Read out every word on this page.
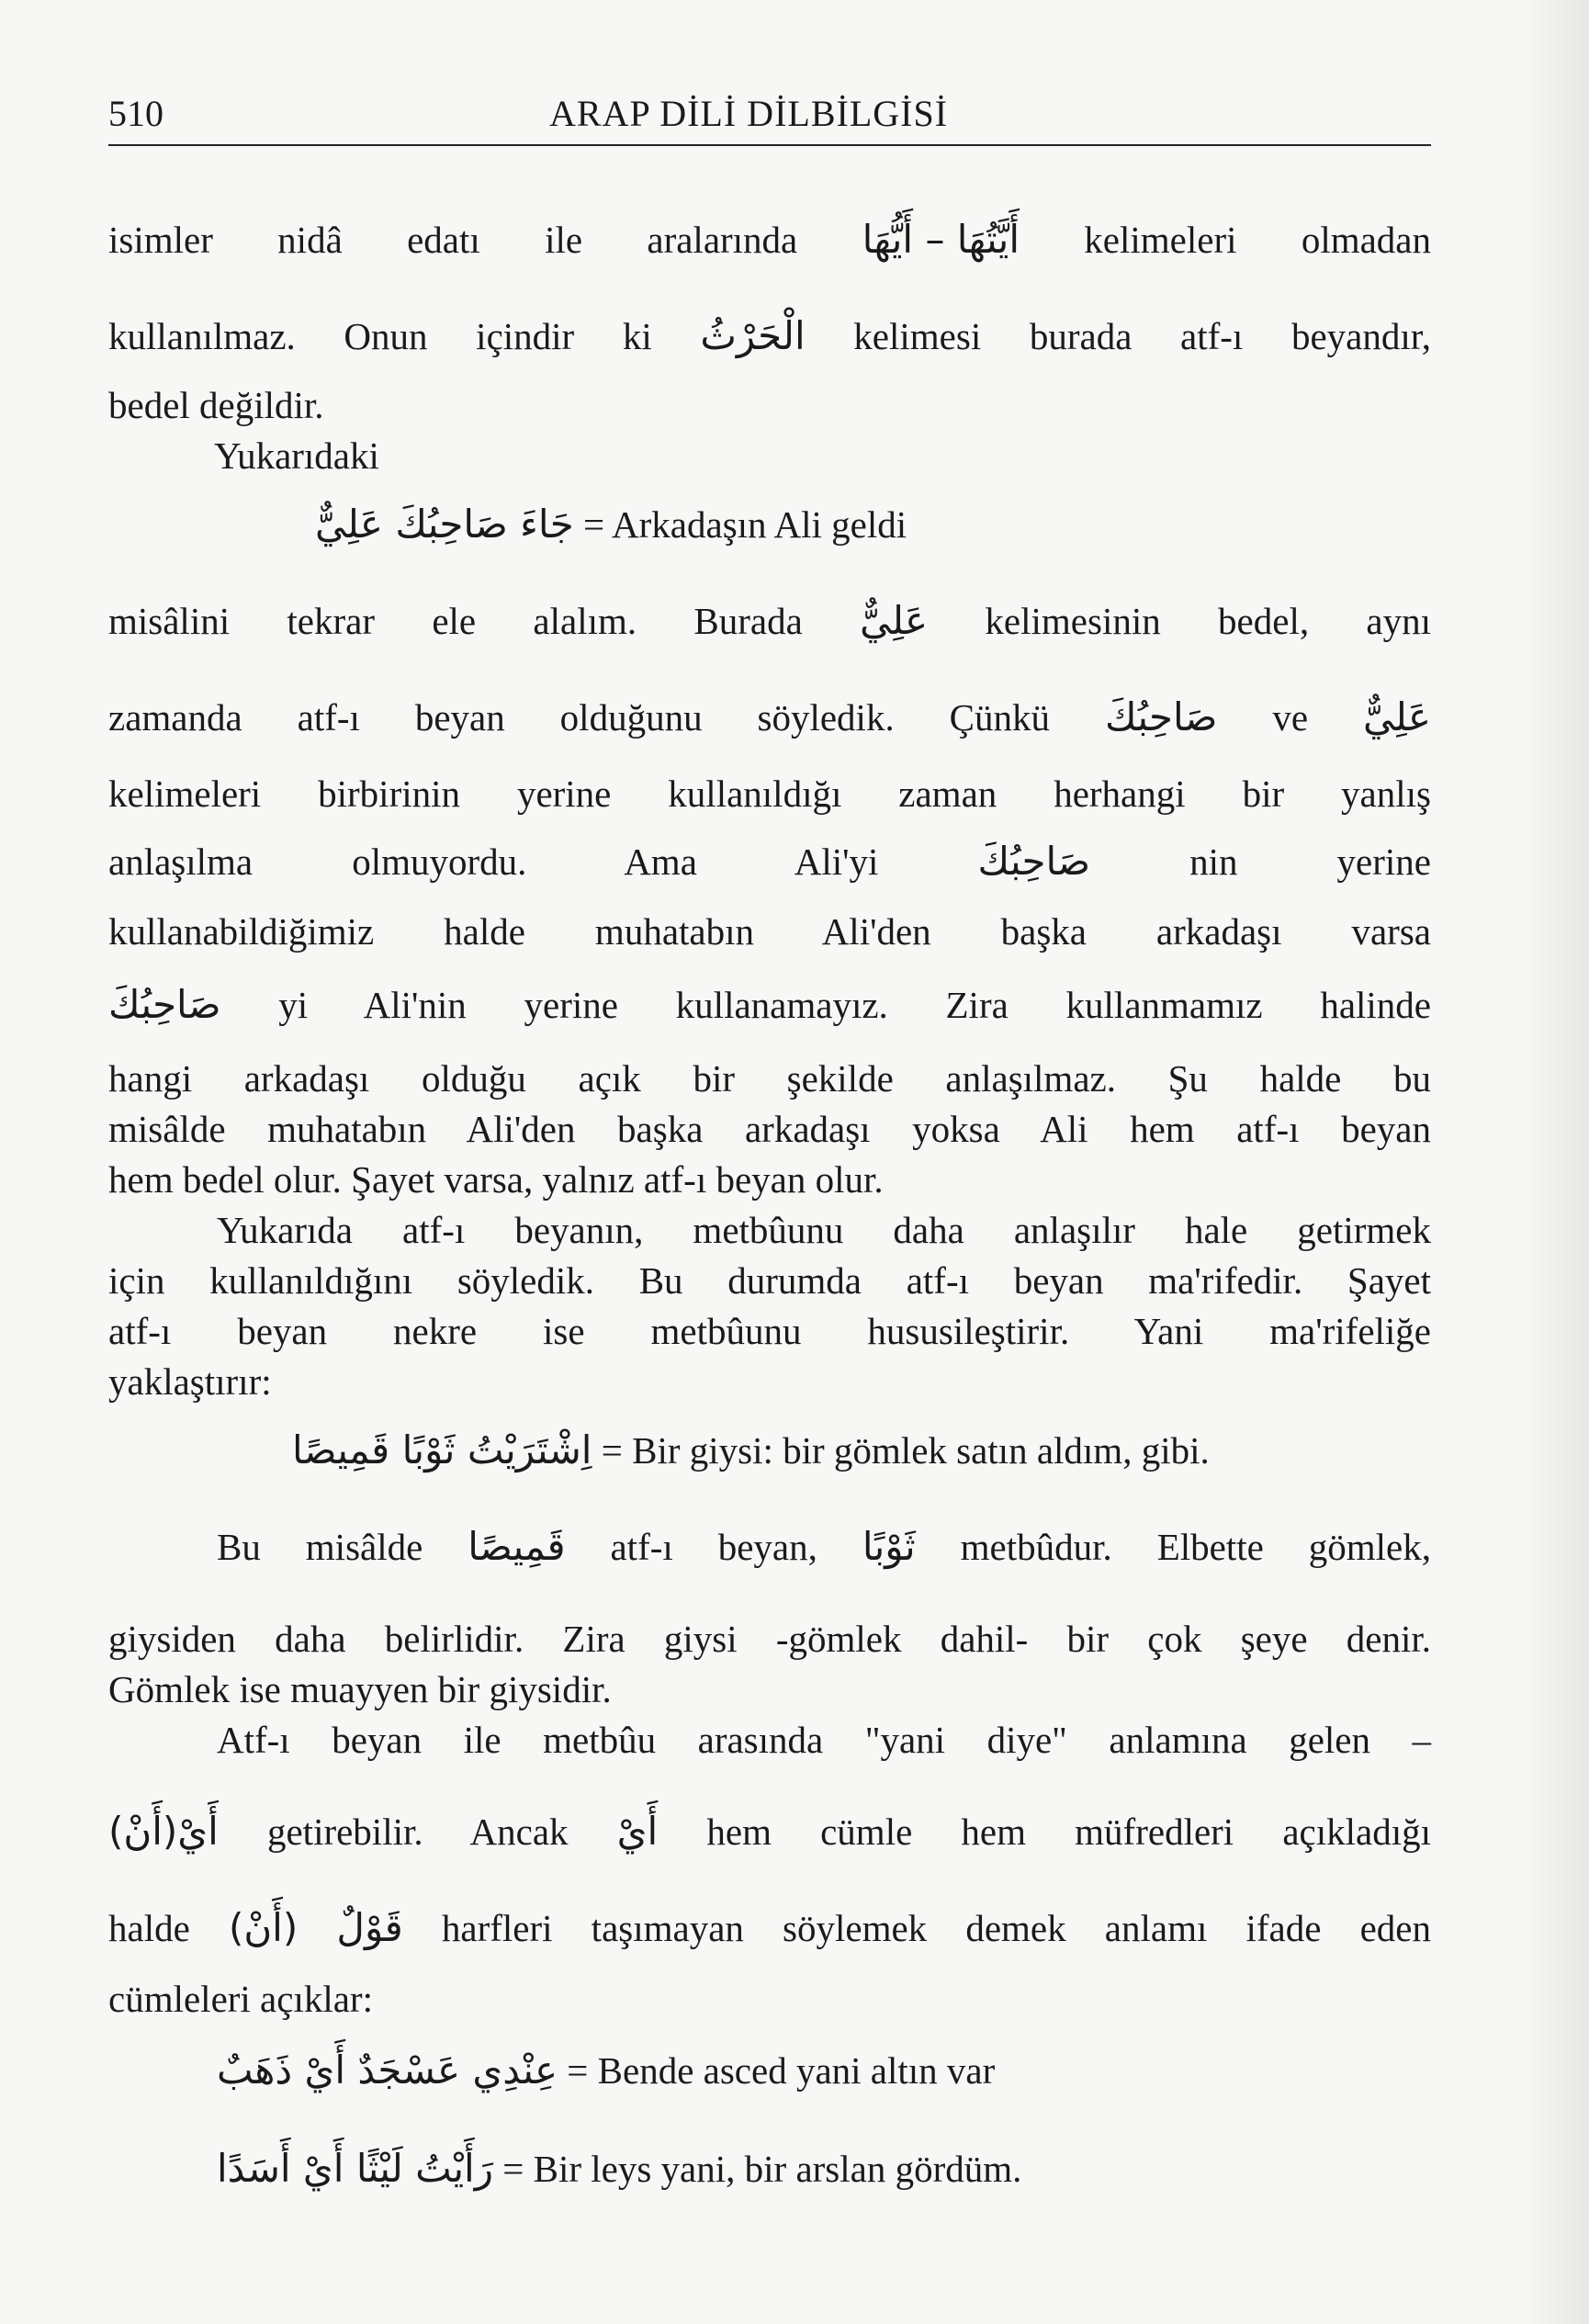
510	ARAP DİLİ DİLBİLGİSİ
isimler nidâ edatı ile aralarında أَيَّتُهَا – أَيُّهَا kelimeleri olmadan
kullanılmaz. Onun içindir ki الْحَرْثُ kelimesi burada atf-ı beyandır,
bedel değildir.
Yukarıdaki
جَاءَ صَاحِبُكَ عَلِيٌّ = Arkadaşın Ali geldi
misâlini tekrar ele alalım. Burada عَلِيٌّ kelimesinin bedel, aynı
zamanda atf-ı beyan olduğunu söyledik. Çünkü صَاحِبُكَ ve عَلِيٌّ
kelimeleri birbirinin yerine kullanıldığı zaman herhangi bir yanlış
anlaşılma olmuyordu. Ama Ali'yi صَاحِبُكَ nin yerine
kullanabildiğimiz halde muhatabın Ali'den başka arkadaşı varsa
صَاحِبُكَ yi Ali'nin yerine kullanamayız. Zira kullanmamız halinde
hangi arkadaşı olduğu açık bir şekilde anlaşılmaz. Şu halde bu
misâlde muhatabın Ali'den başka arkadaşı yoksa Ali hem atf-ı beyan
hem bedel olur. Şayet varsa, yalnız atf-ı beyan olur.
Yukarıda atf-ı beyanın, metbûunu daha anlaşılır hale getirmek
için kullanıldığını söyledik. Bu durumda atf-ı beyan ma'rifedir. Şayet
atf-ı beyan nekre ise metbûunu hususileştirir. Yani ma'rifeliğe
yaklaştırır:
اِشْتَرَيْتُ ثَوْبًا قَمِيصًا = Bir giysi: bir gömlek satın aldım, gibi.
Bu misâlde قَمِيصًا atf-ı beyan, ثَوْبًا metbûdur. Elbette gömlek,
giysiden daha belirlidir. Zira giysi -gömlek dahil- bir çok şeye denir.
Gömlek ise muayyen bir giysidir.
Atf-ı beyan ile metbûu arasında "yani diye" anlamına gelen –
أَيْ(أَنْ) getirebilir. Ancak أَيْ hem cümle hem müfredleri açıkladığı
halde (أَنْ) قَوْلٌ harfleri taşımayan söylemek demek anlamı ifade eden
cümleleri açıklar:
عِنْدِي عَسْجَدٌ أَيْ ذَهَبٌ = Bende asced yani altın var
رَأَيْتُ لَيْثًا أَيْ أَسَدًا = Bir leys yani, bir arslan gördüm.
